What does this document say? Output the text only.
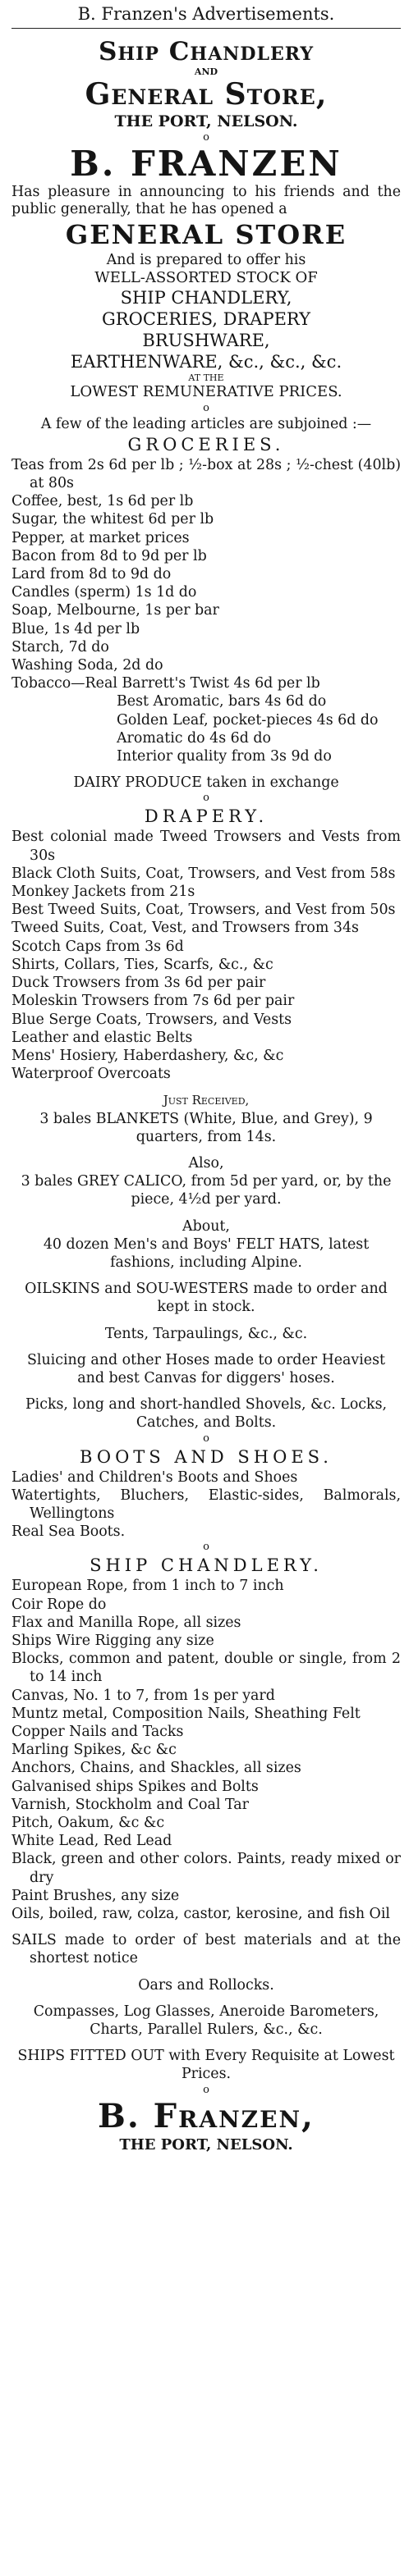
B. Franzen's Advertisements.
Ship Chandlery
AND
General Store,
THE PORT, NELSON.
o
B. FRANZEN
Has pleasure in announcing to his friends and the public generally, that he has opened a
GENERAL STORE
And is prepared to offer his
WELL-ASSORTED STOCK OF
SHIP CHANDLERY,
GROCERIES, DRAPERY
BRUSHWARE,
EARTHENWARE, &c., &c., &c.
AT THE
LOWEST REMUNERATIVE PRICES.
o
A few of the leading articles are subjoined :—
GROCERIES.
Teas from 2s 6d per lb ; ½-box at 28s ; ½-chest (40lb) at 80s
Coffee, best, 1s 6d per lb
Sugar, the whitest 6d per lb
Pepper, at market prices
Bacon from 8d to 9d per lb
Lard from 8d to 9d do
Candles (sperm) 1s 1d do
Soap, Melbourne, 1s per bar
Blue, 1s 4d per lb
Starch, 7d do
Washing Soda, 2d do
Tobacco—Real Barrett's Twist 4s 6d per lb
Best Aromatic, bars 4s 6d do
Golden Leaf, pocket-pieces 4s 6d do
Aromatic do 4s 6d do
Interior quality from 3s 9d do
DAIRY PRODUCE taken in exchange
o
DRAPERY.
Best colonial made Tweed Trowsers and Vests from 30s
Black Cloth Suits, Coat, Trowsers, and Vest from 58s
Monkey Jackets from 21s
Best Tweed Suits, Coat, Trowsers, and Vest from 50s
Tweed Suits, Coat, Vest, and Trowsers from 34s
Scotch Caps from 3s 6d
Shirts, Collars, Ties, Scarfs, &c., &c
Duck Trowsers from 3s 6d per pair
Moleskin Trowsers from 7s 6d per pair
Blue Serge Coats, Trowsers, and Vests
Leather and elastic Belts
Mens' Hosiery, Haberdashery, &c, &c
Waterproof Overcoats
Just Received,
3 bales BLANKETS (White, Blue, and Grey), 9 quarters, from 14s.
Also,
3 bales GREY CALICO, from 5d per yard, or, by the piece, 4½d per yard.
About,
40 dozen Men's and Boys' FELT HATS, latest fashions, including Alpine.
OILSKINS and SOU-WESTERS made to order and kept in stock.
Tents, Tarpaulings, &c., &c.
Sluicing and other Hoses made to order Heaviest and best Canvas for diggers' hoses.
Picks, long and short-handled Shovels, &c. Locks, Catches, and Bolts.
o
BOOTS AND SHOES.
Ladies' and Children's Boots and Shoes
Watertights, Bluchers, Elastic-sides, Balmorals, Wellingtons
Real Sea Boots.
o
SHIP CHANDLERY.
European Rope, from 1 inch to 7 inch
Coir Rope do
Flax and Manilla Rope, all sizes
Ships Wire Rigging any size
Blocks, common and patent, double or single, from 2 to 14 inch
Canvas, No. 1 to 7, from 1s per yard
Muntz metal, Composition Nails, Sheathing Felt
Copper Nails and Tacks
Marling Spikes, &c &c
Anchors, Chains, and Shackles, all sizes
Galvanised ships Spikes and Bolts
Varnish, Stockholm and Coal Tar
Pitch, Oakum, &c &c
White Lead, Red Lead
Black, green and other colors. Paints, ready mixed or dry
Paint Brushes, any size
Oils, boiled, raw, colza, castor, kerosine, and fish Oil
SAILS made to order of best materials and at the shortest notice
Oars and Rollocks.
Compasses, Log Glasses, Aneroide Barometers, Charts, Parallel Rulers, &c., &c.
SHIPS FITTED OUT with Every Requisite at Lowest Prices.
o
B. Franzen,
THE PORT, NELSON.
